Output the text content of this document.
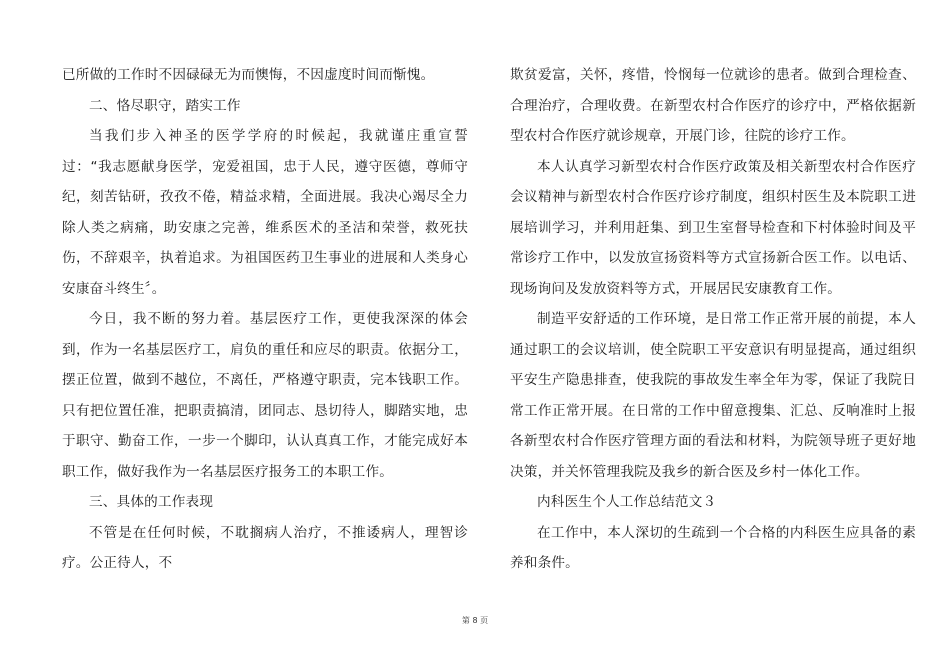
已所做的工作时不因碌碌无为而懊悔，不因虚度时间而惭愧。

二、恪尽职守，踏实工作

当我们步入神圣的医学学府的时候起，我就谨庄重宣誓过：“我志愿献身医学，宠爱祖国，忠于人民，遵守医德，尊师守纪，刻苦钻研，孜孜不倦，精益求精，全面进展。我决心竭尽全力除人类之病痛，助安康之完善，维系医术的圣洁和荣誉，救死扶伤，不辞艰辛，执着追求。为祖国医药卫生事业的进展和人类身心安康奋斗终生〞。

今日，我不断的努力着。基层医疗工作，更使我深深的体会到，作为一名基层医疗工，肩负的重任和应尽的职责。依据分工，摆正位置，做到不越位，不离任，严格遵守职责，完本钱职工作。只有把位置任准，把职责搞清，团同志、恳切待人，脚踏实地，忠于职守、勤奋工作，一步一个脚印，认认真真工作，才能完成好本职工作，做好我作为一名基层医疗报务工的本职工作。

三、具体的工作表现

不管是在任何时候，不耽搁病人治疗，不推诿病人，理智诊疗。公正待人，不

欺贫爱富，关怀，疼惜，怜悯每一位就诊的患者。做到合理检查、合理治疗，合理收费。在新型农村合作医疗的诊疗中，严格依据新型农村合作医疗就诊规章，开展门诊，往院的诊疗工作。

本人认真学习新型农村合作医疗政策及相关新型农村合作医疗会议精神与新型农村合作医疗诊疗制度，组织村医生及本院职工进展培训学习，并利用赶集、到卫生室督导检查和下村体验时间及平常诊疗工作中，以发放宣扬资料等方式宣扬新合医工作。以电话、现场询问及发放资料等方式，开展居民安康教育工作。

制造平安舒适的工作环境，是日常工作正常开展的前提，本人通过职工的会议培训，使全院职工平安意识有明显提高，通过组织平安生产隐患排查，使我院的事故发生率全年为零，保证了我院日常工作正常开展。在日常的工作中留意搜集、汇总、反响准时上报各新型农村合作医疗管理方面的看法和材料，为院领导班子更好地决策，并关怀管理我院及我乡的新合医及乡村一体化工作。

内科医生个人工作总结范文３

在工作中，本人深切的生疏到一个合格的内科医生应具备的素养和条件。

第 8 页
